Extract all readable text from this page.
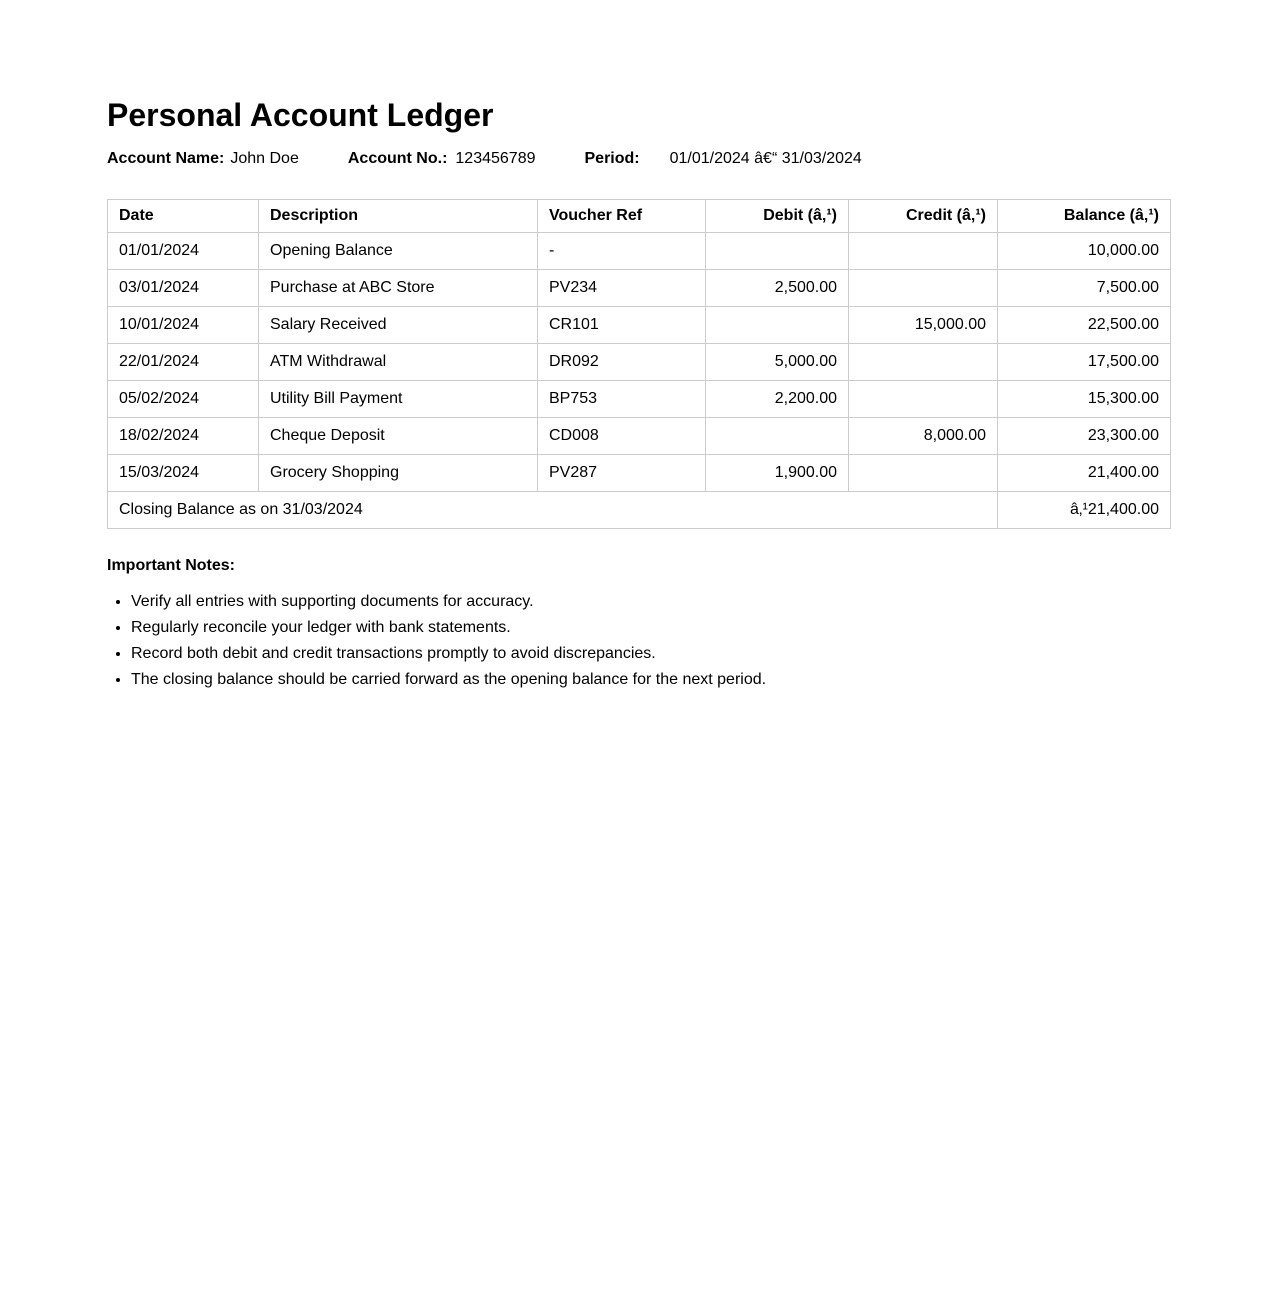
Personal Account Ledger
Account Name: John Doe	Account No.: 123456789	Period: 01/01/2024 â€“ 31/03/2024
Date	Description	Voucher Ref	Debit (â‚¹)	Credit (â‚¹)	Balance (â‚¹)
01/01/2024	Opening Balance	-			10,000.00
03/01/2024	Purchase at ABC Store	PV234	2,500.00		7,500.00
10/01/2024	Salary Received	CR101		15,000.00	22,500.00
22/01/2024	ATM Withdrawal	DR092	5,000.00		17,500.00
05/02/2024	Utility Bill Payment	BP753	2,200.00		15,300.00
18/02/2024	Cheque Deposit	CD008		8,000.00	23,300.00
15/03/2024	Grocery Shopping	PV287	1,900.00		21,400.00
Closing Balance as on 31/03/2024					â‚¹21,400.00

Important Notes:

• Verify all entries with supporting documents for accuracy.
• Regularly reconcile your ledger with bank statements.
• Record both debit and credit transactions promptly to avoid discrepancies.
• The closing balance should be carried forward as the opening balance for the next period.
